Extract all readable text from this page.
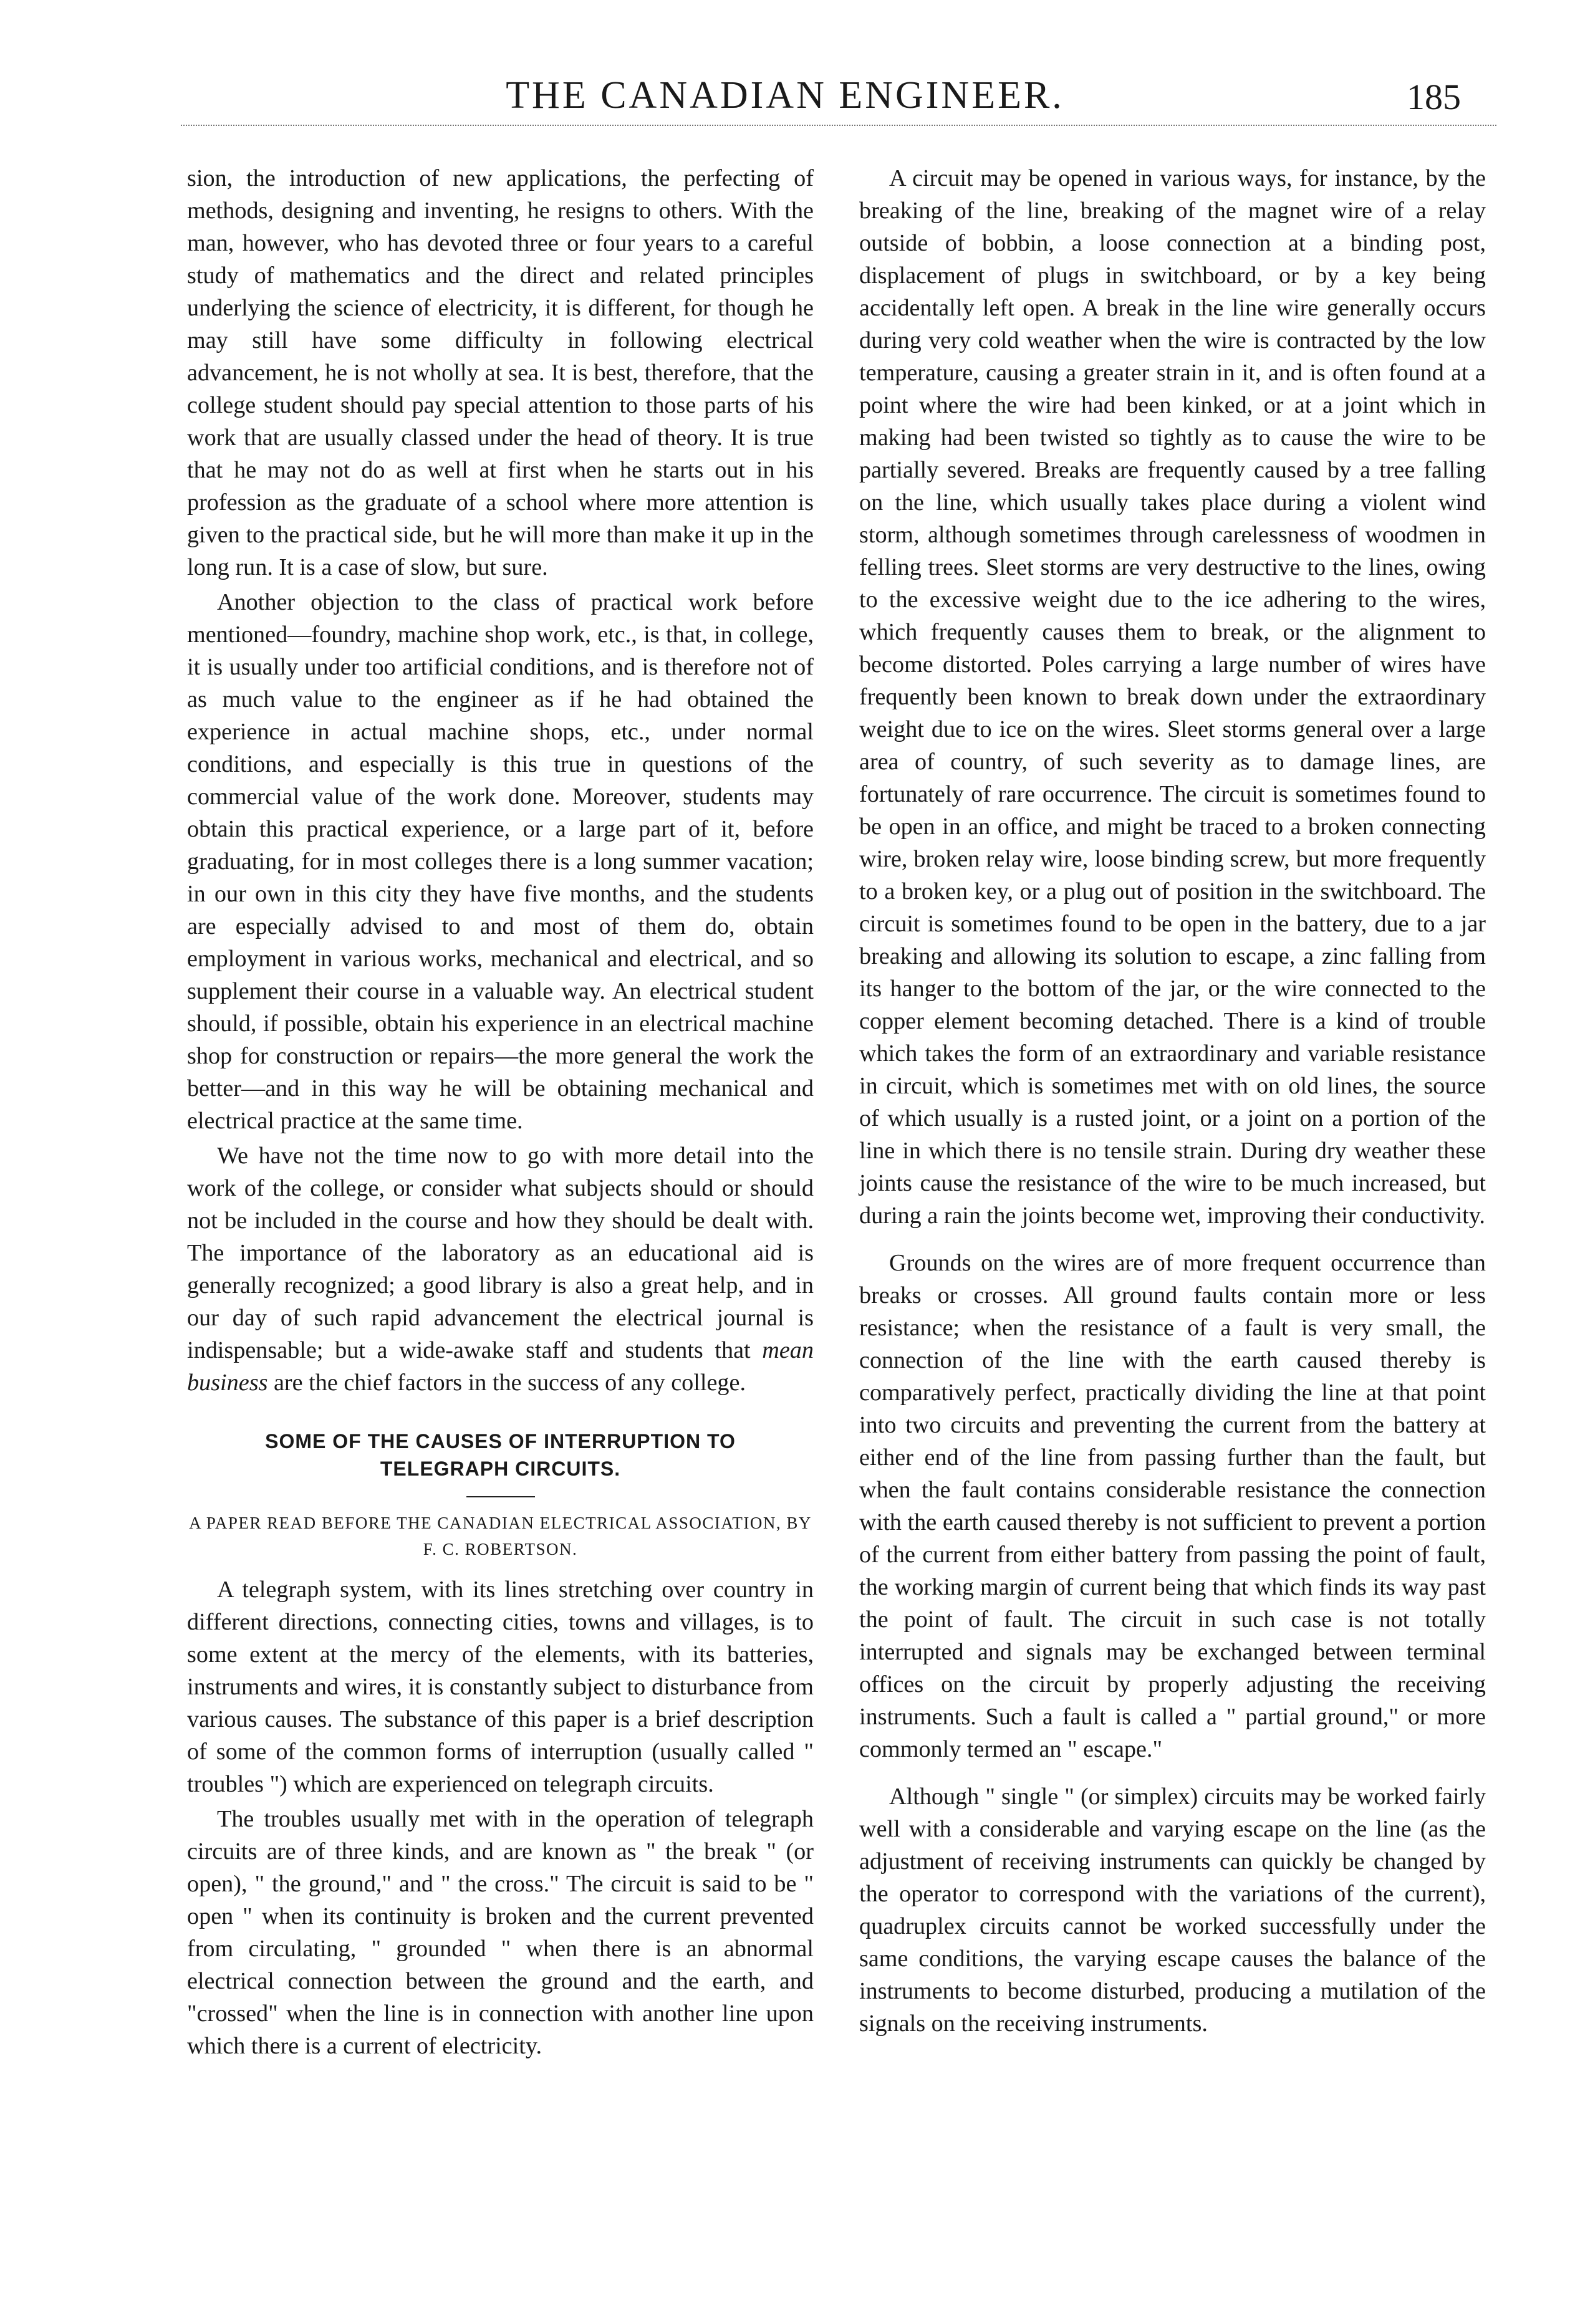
THE CANADIAN ENGINEER.	185

sion, the introduction of new applications, the perfecting of methods, designing and inventing, he resigns to others. With the man, however, who has devoted three or four years to a careful study of mathematics and the direct and related principles underlying the science of electricity, it is different, for though he may still have some difficulty in following electrical advancement, he is not wholly at sea. It is best, therefore, that the college student should pay special attention to those parts of his work that are usually classed under the head of theory. It is true that he may not do as well at first when he starts out in his profession as the graduate of a school where more attention is given to the practical side, but he will more than make it up in the long run. It is a case of slow, but sure.

Another objection to the class of practical work before mentioned—foundry, machine shop work, etc., is that, in college, it is usually under too artificial conditions, and is therefore not of as much value to the engineer as if he had obtained the experience in actual machine shops, etc., under normal conditions, and especially is this true in questions of the commercial value of the work done. Moreover, students may obtain this practical experience, or a large part of it, before graduating, for in most colleges there is a long summer vacation; in our own in this city they have five months, and the students are especially advised to and most of them do, obtain employment in various works, mechanical and electrical, and so supplement their course in a valuable way. An electrical student should, if possible, obtain his experience in an electrical machine shop for construction or repairs—the more general the work the better—and in this way he will be obtaining mechanical and electrical practice at the same time.

We have not the time now to go with more detail into the work of the college, or consider what subjects should or should not be included in the course and how they should be dealt with. The importance of the laboratory as an educational aid is generally recognized; a good library is also a great help, and in our day of such rapid advancement the electrical journal is indispensable; but a wide-awake staff and students that mean business are the chief factors in the success of any college.

SOME OF THE CAUSES OF INTERRUPTION TO
TELEGRAPH CIRCUITS.
A PAPER READ BEFORE THE CANADIAN ELECTRICAL ASSOCIATION, BY F. C. ROBERTSON.

A telegraph system, with its lines stretching over country in different directions, connecting cities, towns and villages, is to some extent at the mercy of the elements, with its batteries, instruments and wires, it is constantly subject to disturbance from various causes. The substance of this paper is a brief description of some of the common forms of interruption (usually called " troubles ") which are experienced on telegraph circuits.

The troubles usually met with in the operation of telegraph circuits are of three kinds, and are known as " the break " (or open), " the ground," and " the cross." The circuit is said to be " open " when its continuity is broken and the current prevented from circulating, " grounded " when there is an abnormal electrical connection between the ground and the earth, and "crossed" when the line is in connection with another line upon which there is a current of electricity.

A circuit may be opened in various ways, for instance, by the breaking of the line, breaking of the magnet wire of a relay outside of bobbin, a loose connection at a binding post, displacement of plugs in switchboard, or by a key being accidentally left open. A break in the line wire generally occurs during very cold weather when the wire is contracted by the low temperature, causing a greater strain in it, and is often found at a point where the wire had been kinked, or at a joint which in making had been twisted so tightly as to cause the wire to be partially severed. Breaks are frequently caused by a tree falling on the line, which usually takes place during a violent wind storm, although sometimes through carelessness of woodmen in felling trees. Sleet storms are very destructive to the lines, owing to the excessive weight due to the ice adhering to the wires, which frequently causes them to break, or the alignment to become distorted. Poles carrying a large number of wires have frequently been known to break down under the extraordinary weight due to ice on the wires. Sleet storms general over a large area of country, of such severity as to damage lines, are fortunately of rare occurrence. The circuit is sometimes found to be open in an office, and might be traced to a broken connecting wire, broken relay wire, loose binding screw, but more frequently to a broken key, or a plug out of position in the switchboard. The circuit is sometimes found to be open in the battery, due to a jar breaking and allowing its solution to escape, a zinc falling from its hanger to the bottom of the jar, or the wire connected to the copper element becoming detached. There is a kind of trouble which takes the form of an extraordinary and variable resistance in circuit, which is sometimes met with on old lines, the source of which usually is a rusted joint, or a joint on a portion of the line in which there is no tensile strain. During dry weather these joints cause the resistance of the wire to be much increased, but during a rain the joints become wet, improving their conductivity.

Grounds on the wires are of more frequent occurrence than breaks or crosses. All ground faults contain more or less resistance; when the resistance of a fault is very small, the connection of the line with the earth caused thereby is comparatively perfect, practically dividing the line at that point into two circuits and preventing the current from the battery at either end of the line from passing further than the fault, but when the fault contains considerable resistance the connection with the earth caused thereby is not sufficient to prevent a portion of the current from either battery from passing the point of fault, the working margin of current being that which finds its way past the point of fault. The circuit in such case is not totally interrupted and signals may be exchanged between terminal offices on the circuit by properly adjusting the receiving instruments. Such a fault is called a " partial ground," or more commonly termed an " escape."

Although " single " (or simplex) circuits may be worked fairly well with a considerable and varying escape on the line (as the adjustment of receiving instruments can quickly be changed by the operator to correspond with the variations of the current), quadruplex circuits cannot be worked successfully under the same conditions, the varying escape causes the balance of the instruments to become disturbed, producing a mutilation of the signals on the receiving instruments.
